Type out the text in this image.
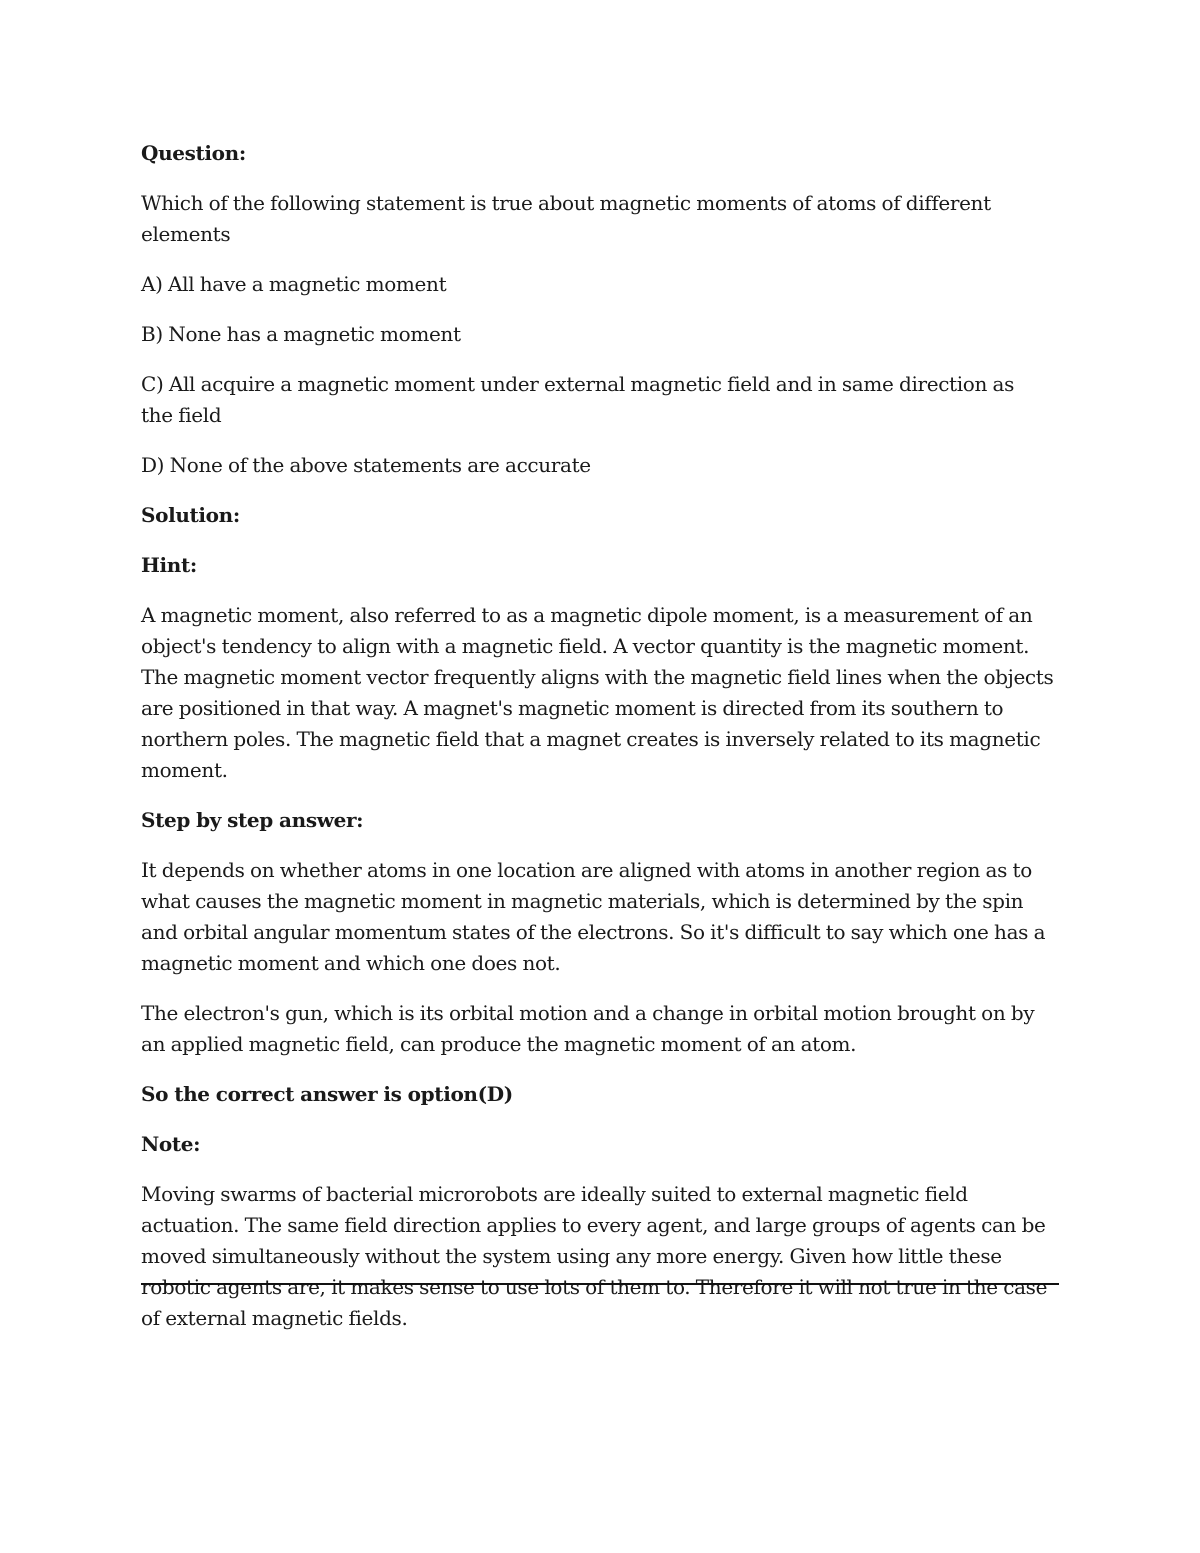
Question:

Which of the following statement is true about magnetic moments of atoms of different elements

A) All have a magnetic moment

B) None has a magnetic moment

C) All acquire a magnetic moment under external magnetic field and in same direction as the field

D) None of the above statements are accurate

Solution:

Hint:

A magnetic moment, also referred to as a magnetic dipole moment, is a measurement of an object's tendency to align with a magnetic field. A vector quantity is the magnetic moment. The magnetic moment vector frequently aligns with the magnetic field lines when the objects are positioned in that way. A magnet's magnetic moment is directed from its southern to northern poles. The magnetic field that a magnet creates is inversely related to its magnetic moment.

Step by step answer:

It depends on whether atoms in one location are aligned with atoms in another region as to what causes the magnetic moment in magnetic materials, which is determined by the spin and orbital angular momentum states of the electrons. So it's difficult to say which one has a magnetic moment and which one does not.

The electron's gun, which is its orbital motion and a change in orbital motion brought on by an applied magnetic field, can produce the magnetic moment of an atom.

So the correct answer is option(D)

Note:

Moving swarms of bacterial microrobots are ideally suited to external magnetic field actuation. The same field direction applies to every agent, and large groups of agents can be moved simultaneously without the system using any more energy. Given how little these robotic agents are, it makes sense to use lots of them to. Therefore it will not true in the case of external magnetic fields.
